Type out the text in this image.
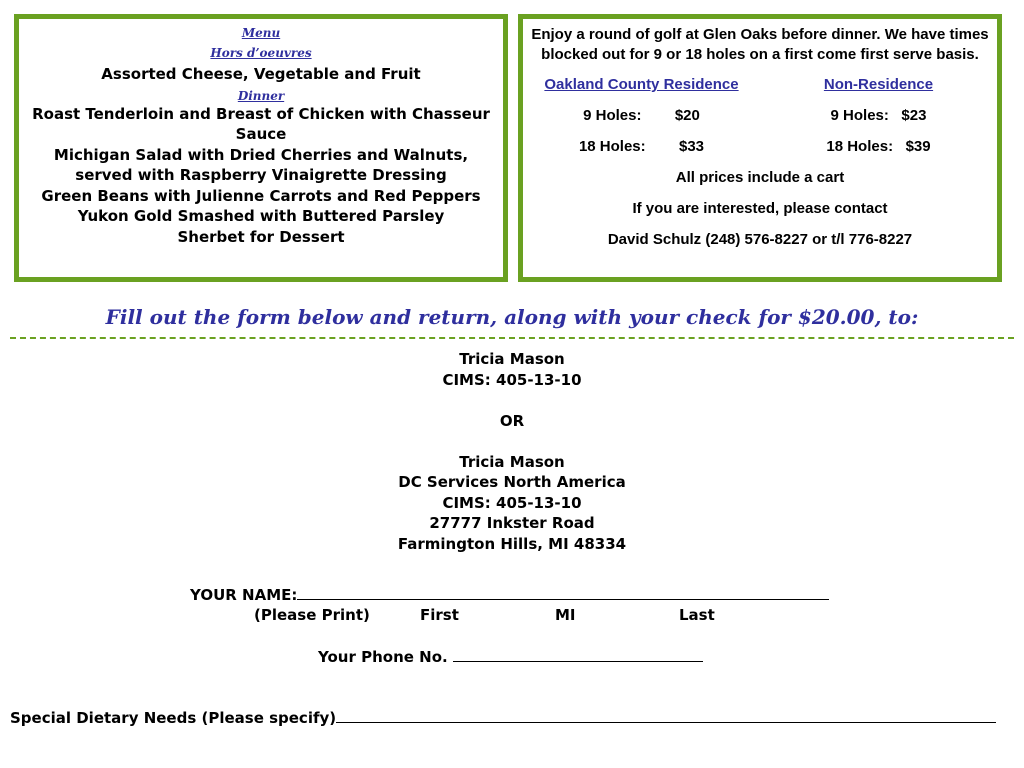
Menu
Hors d’oeuvres
Assorted Cheese, Vegetable and Fruit
Dinner
Roast Tenderloin and Breast of Chicken with Chasseur Sauce
Michigan Salad with Dried Cherries and Walnuts, served with Raspberry Vinaigrette Dressing
Green Beans with Julienne Carrots and Red Peppers
Yukon Gold Smashed with Buttered Parsley
Sherbet for Dessert
Enjoy a round of golf at Glen Oaks before dinner. We have times blocked out for 9 or 18 holes on a first come first serve basis.
Oakland County Residence	Non-Residence
9 Holes: $20	9 Holes: $23
18 Holes: $33	18 Holes: $39
All prices include a cart
If you are interested, please contact
David Schulz (248) 576-8227 or t/l 776-8227
Fill out the form below and return, along with your check for $20.00, to:
Tricia Mason
CIMS: 405-13-10
OR
Tricia Mason
DC Services North America
CIMS: 405-13-10
27777 Inkster Road
Farmington Hills, MI 48334
YOUR NAME:
(Please Print)	First	MI	Last
Your Phone No.
Special Dietary Needs (Please specify)
